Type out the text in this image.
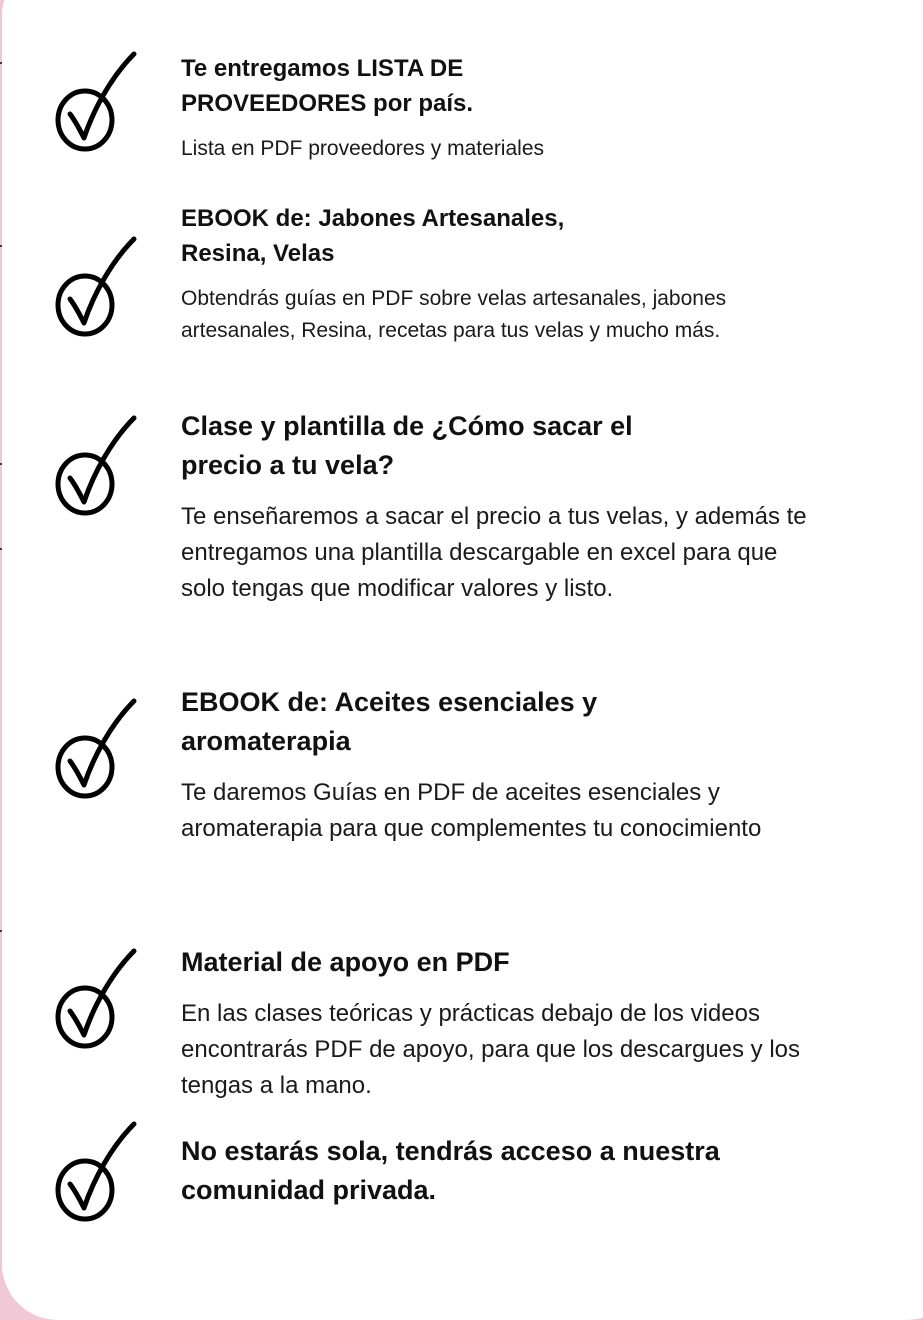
Te entregamos LISTA DE PROVEEDORES por país.

Lista en PDF proveedores y materiales

EBOOK de: Jabones Artesanales, Resina, Velas

Obtendrás guías en PDF sobre velas artesanales, jabones artesanales, Resina, recetas para tus velas y mucho más.

Clase y plantilla de ¿Cómo sacar el precio a tu vela?

Te enseñaremos a sacar el precio a tus velas, y además te entregamos una plantilla descargable en excel para que solo tengas que modificar valores y listo.

EBOOK de: Aceites esenciales y aromaterapia

Te daremos Guías en PDF de aceites esenciales y aromaterapia para que complementes tu conocimiento

Material de apoyo en PDF

En las clases teóricas y prácticas debajo de los videos encontrarás PDF de apoyo, para que los descargues y los tengas a la mano.

No estarás sola, tendrás acceso a nuestra comunidad privada.
